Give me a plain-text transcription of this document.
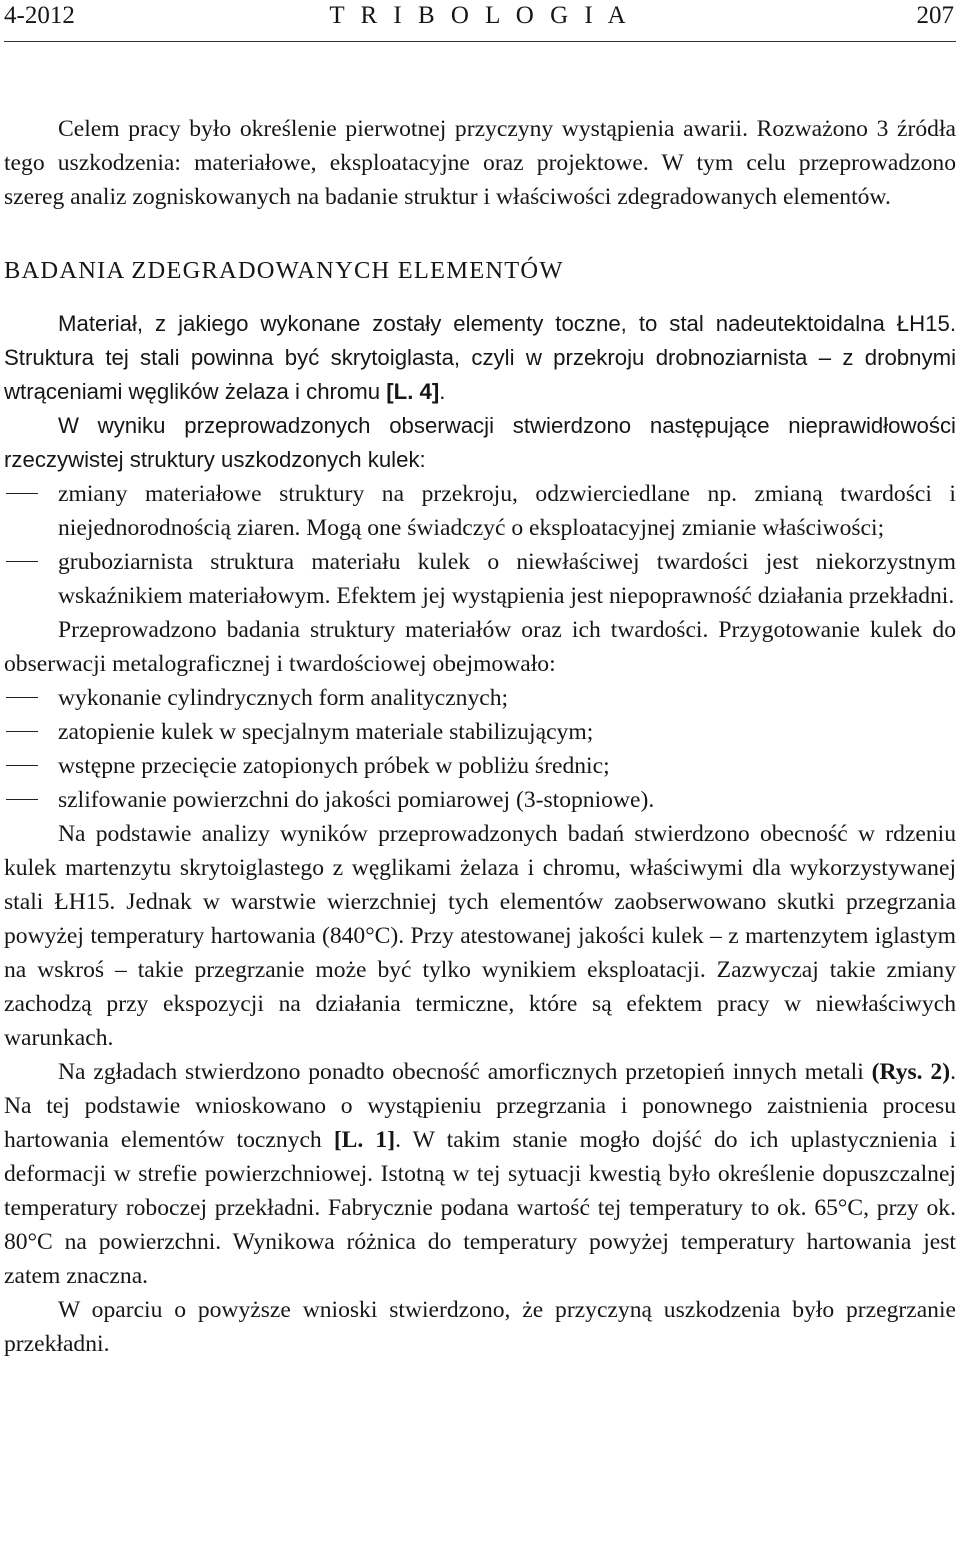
4-2012	T R I B O L O G I A	207

Celem pracy było określenie pierwotnej przyczyny wystąpienia awarii. Rozważono 3 źródła tego uszkodzenia: materiałowe, eksploatacyjne oraz projektowe. W tym celu przeprowadzono szereg analiz zogniskowanych na badanie struktur i właściwości zdegradowanych elementów.

BADANIA ZDEGRADOWANYCH ELEMENTÓW

Materiał, z jakiego wykonane zostały elementy toczne, to stal nadeutektoidalna ŁH15. Struktura tej stali powinna być skrytoiglasta, czyli w przekroju drobnoziarnista – z drobnymi wtrąceniami węglików żelaza i chromu [L. 4].

W wyniku przeprowadzonych obserwacji stwierdzono następujące nieprawidłowości rzeczywistej struktury uszkodzonych kulek:

zmiany materiałowe struktury na przekroju, odzwierciedlane np. zmianą twardości i niejednorodnością ziaren. Mogą one świadczyć o eksploatacyjnej zmianie właściwości;
gruboziarnista struktura materiału kulek o niewłaściwej twardości jest niekorzystnym wskaźnikiem materiałowym. Efektem jej wystąpienia jest niepoprawność działania przekładni.

Przeprowadzono badania struktury materiałów oraz ich twardości. Przygotowanie kulek do obserwacji metalograficznej i twardościowej obejmowało:

wykonanie cylindrycznych form analitycznych;
zatopienie kulek w specjalnym materiale stabilizującym;
wstępne przecięcie zatopionych próbek w pobliżu średnic;
szlifowanie powierzchni do jakości pomiarowej (3-stopniowe).

Na podstawie analizy wyników przeprowadzonych badań stwierdzono obecność w rdzeniu kulek martenzytu skrytoiglastego z węglikami żelaza i chromu, właściwymi dla wykorzystywanej stali ŁH15. Jednak w warstwie wierzchniej tych elementów zaobserwowano skutki przegrzania powyżej temperatury hartowania (840°C). Przy atestowanej jakości kulek – z martenzytem iglastym na wskroś – takie przegrzanie może być tylko wynikiem eksploatacji. Zazwyczaj takie zmiany zachodzą przy ekspozycji na działania termiczne, które są efektem pracy w niewłaściwych warunkach.

Na zgładach stwierdzono ponadto obecność amorficznych przetopień innych metali (Rys. 2). Na tej podstawie wnioskowano o wystąpieniu przegrzania i ponownego zaistnienia procesu hartowania elementów tocznych [L. 1]. W takim stanie mogło dojść do ich uplastycznienia i deformacji w strefie powierzchniowej. Istotną w tej sytuacji kwestią było określenie dopuszczalnej temperatury roboczej przekładni. Fabrycznie podana wartość tej temperatury to ok. 65°C, przy ok. 80°C na powierzchni. Wynikowa różnica do temperatury powyżej temperatury hartowania jest zatem znaczna.

W oparciu o powyższe wnioski stwierdzono, że przyczyną uszkodzenia było przegrzanie przekładni.
